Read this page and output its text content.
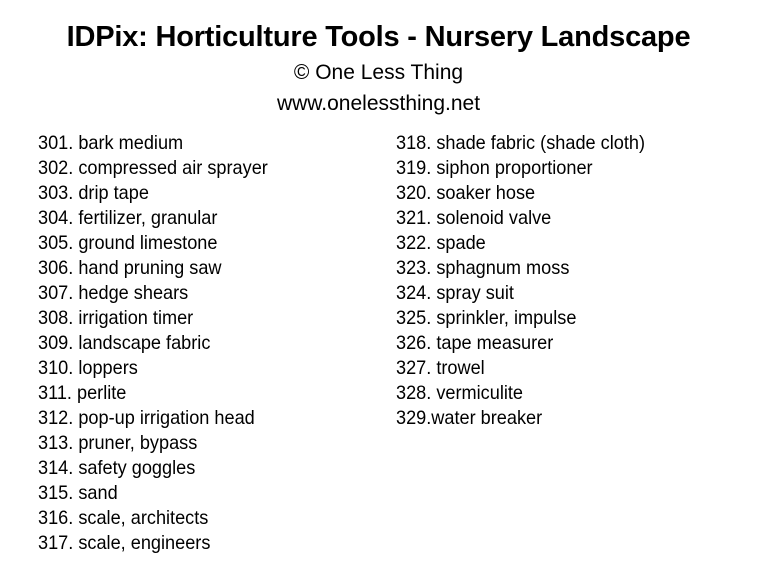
IDPix: Horticulture Tools - Nursery Landscape
© One Less Thing
www.onelessthing.net
301. bark medium
302. compressed air sprayer
303. drip tape
304. fertilizer, granular
305. ground limestone
306. hand pruning saw
307. hedge shears
308. irrigation timer
309. landscape fabric
310. loppers
311. perlite
312. pop-up irrigation head
313. pruner, bypass
314. safety goggles
315. sand
316. scale, architects
317. scale, engineers
318. shade fabric (shade cloth)
319. siphon proportioner
320. soaker hose
321. solenoid valve
322. spade
323. sphagnum moss
324. spray suit
325. sprinkler, impulse
326. tape measurer
327. trowel
328. vermiculite
329.water breaker
